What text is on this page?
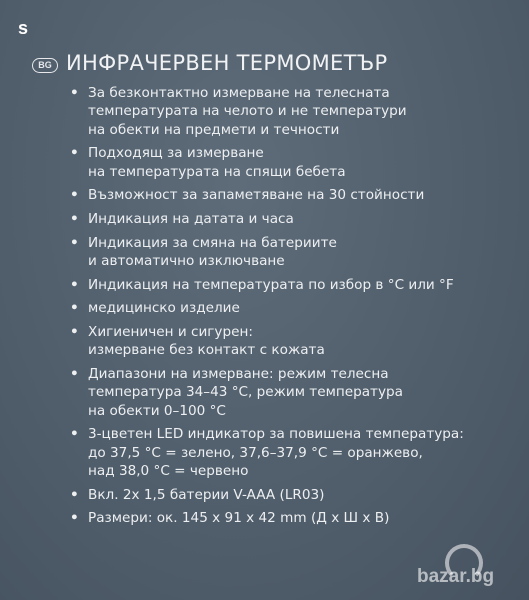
s
BG ИНФРАЧЕРВЕН ТЕРМОМЕТЪР
• За безконтактно измерване на телесната
температурата на челото и не температури
на обекти на предмети и течности
• Подходящ за измерване
на температурата на спящи бебета
• Възможност за запаметяване на 30 стойности
• Индикация на датата и часа
• Индикация за смяна на батериите
и автоматично изключване
• Индикация на температурата по избор в °C или °F
• медицинско изделие
• Хигиеничен и сигурен:
измерване без контакт с кожата
• Диапазони на измерване: режим телесна
температура 34–43 °C, режим температура
на обекти 0–100 °C
• 3-цветен LED индикатор за повишена температура:
до 37,5 °C = зелено, 37,6–37,9 °C = оранжево,
над 38,0 °C = червено
• Вкл. 2x 1,5 батерии V-AAA (LR03)
• Размери: ок. 145 x 91 x 42 mm (Д x Ш x В)
bazar.bg
